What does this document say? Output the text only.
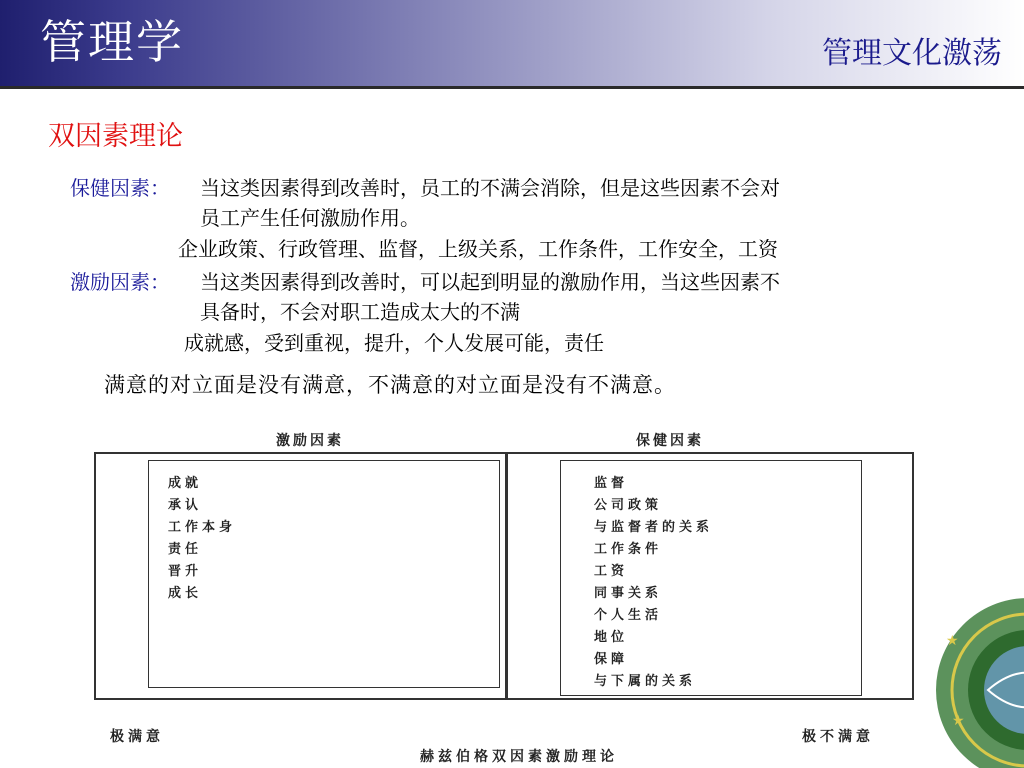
管理学	管理文化激荡
双因素理论
保健因素： 当这类因素得到改善时，员工的不满会消除，但是这些因素不会对
员工产生任何激励作用。
企业政策、行政管理、监督，上级关系，工作条件，工作安全，工资
激励因素： 当这类因素得到改善时，可以起到明显的激励作用，当这些因素不
具备时，不会对职工造成太大的不满
成就感，受到重视，提升，个人发展可能，责任
满意的对立面是没有满意，不满意的对立面是没有不满意。
激励因素	保健因素
成就
承认
工作本身
责任
晋升
成长
监督
公司政策
与监督者的关系
工作条件
工资
同事关系
个人生活
地位
保障
与下属的关系
极满意	极不满意
赫兹伯格双因素激励理论
★
★
